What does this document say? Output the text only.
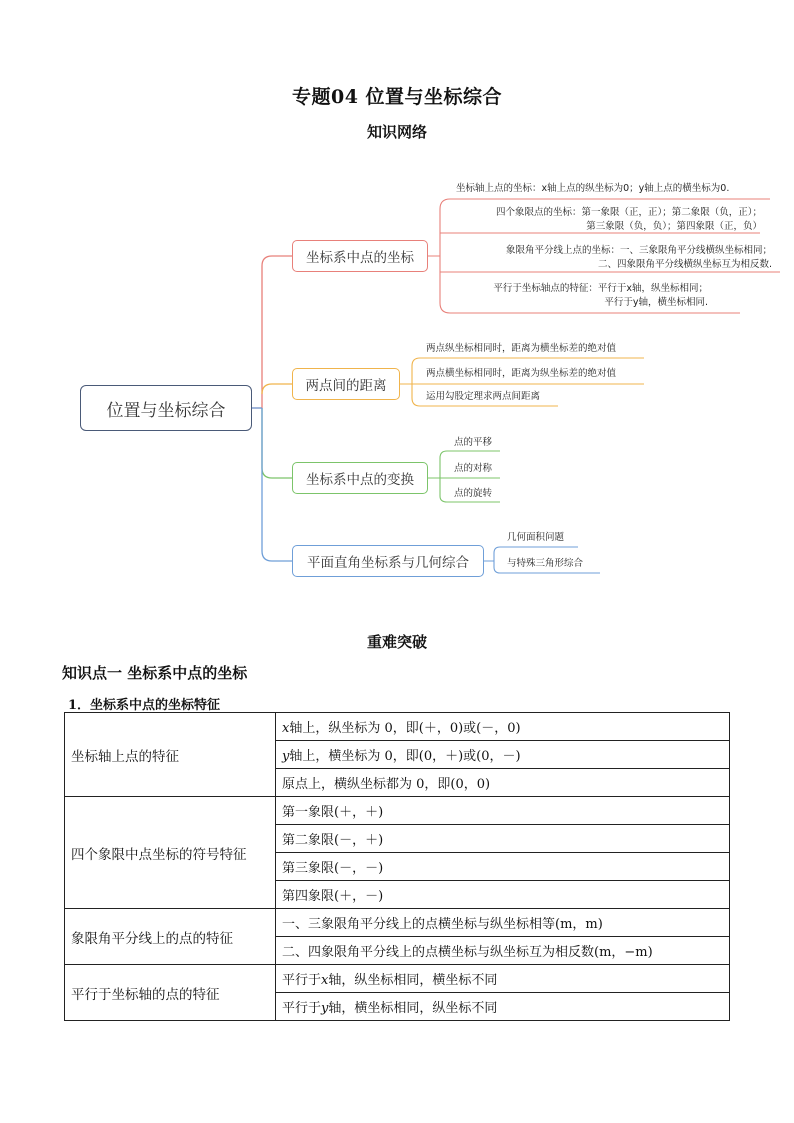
专题04 位置与坐标综合
知识网络
位置与坐标综合
坐标系中点的坐标
两点间的距离
坐标系中点的变换
平面直角坐标系与几何综合
坐标轴上点的坐标：x轴上点的纵坐标为0；y轴上点的横坐标为0.
四个象限点的坐标：第一象限（正，正）；第二象限（负，正）；
第三象限（负，负）；第四象限（正，负）
象限角平分线上点的坐标：一、三象限角平分线横纵坐标相同；
二、四象限角平分线横纵坐标互为相反数.
平行于坐标轴点的特征：平行于x轴，纵坐标相同；
平行于y轴，横坐标相同.
两点纵坐标相同时，距离为横坐标差的绝对值
两点横坐标相同时，距离为纵坐标差的绝对值
运用勾股定理求两点间距离
点的平移
点的对称
点的旋转
几何面积问题
与特殊三角形综合
重难突破
知识点一 坐标系中点的坐标
1．坐标系中点的坐标特征
坐标轴上点的特征	x轴上，纵坐标为 0，即(＋，0)或(－，0)
	y轴上，横坐标为 0，即(0，＋)或(0，－)
	原点上，横纵坐标都为 0，即(0，0)
四个象限中点坐标的符号特征	第一象限(＋，＋)
	第二象限(－，＋)
	第三象限(－，－)
	第四象限(＋，－)
象限角平分线上的点的特征	一、三象限角平分线上的点横坐标与纵坐标相等(m，m)
	二、四象限角平分线上的点横坐标与纵坐标互为相反数(m，−m)
平行于坐标轴的点的特征	平行于x轴，纵坐标相同，横坐标不同
	平行于y轴，横坐标相同，纵坐标不同
